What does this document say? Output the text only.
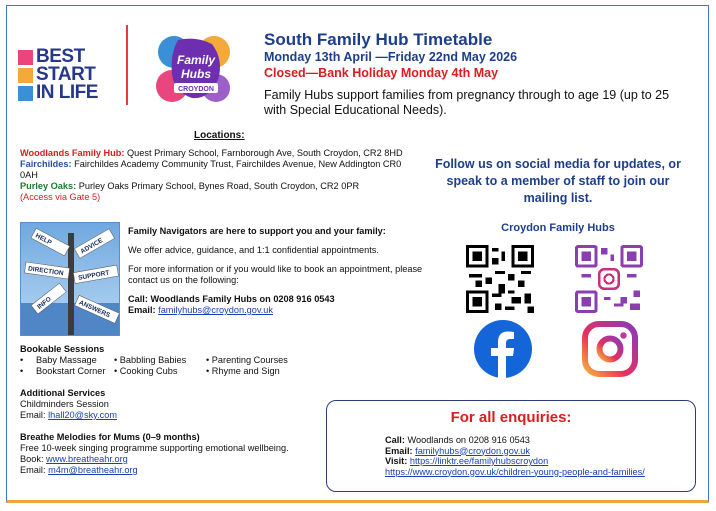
BEST
START
IN LIFE
Family
Hubs
CROYDON
South Family Hub Timetable
Monday 13th April —Friday 22nd May 2026
Closed—Bank Holiday Monday 4th May
Family Hubs support families from pregnancy through to age 19 (up to 25 with Special Educational Needs).
Locations:
Woodlands Family Hub: Quest Primary School, Farnborough Ave, South Croydon, CR2 8HD
Fairchildes: Fairchildes Academy Community Trust, Fairchildes Avenue, New Addington CR0 0AH
Purley Oaks: Purley Oaks Primary School, Bynes Road, South Croydon, CR2 0PR
(Access via Gate 5)
Follow us on social media for updates, or speak to a member of staff to join our mailing list.
Croydon Family Hubs
HELP	ADVICE
DIRECTION SUPPORT
INFO	ANSWERS

Family Navigators are here to support you and your family:

We offer advice, guidance, and 1:1 confidential appointments.

For more information or if you would like to book an appointment, please contact us on the following:

Call: Woodlands Family Hubs on 0208 916 0543
Email: familyhubs@croydon.gov.uk
Bookable Sessions
•	Baby Massage	• Babbling Babies	• Parenting Courses
•	Bookstart Corner • Cooking Cubs	• Rhyme and Sign
Additional Services
Childminders Session
Email: lhall20@sky.com
Breathe Melodies for Mums (0–9 months)
Free 10-week singing programme supporting emotional wellbeing.
Book: www.breatheahr.org
Email: m4m@breatheahr.org
For all enquiries:
Call: Woodlands on 0208 916 0543
Email: familyhubs@croydon.gov.uk
Visit: https://linktr.ee/familyhubscroydon
https://www.croydon.gov.uk/children-young-people-and-families/
